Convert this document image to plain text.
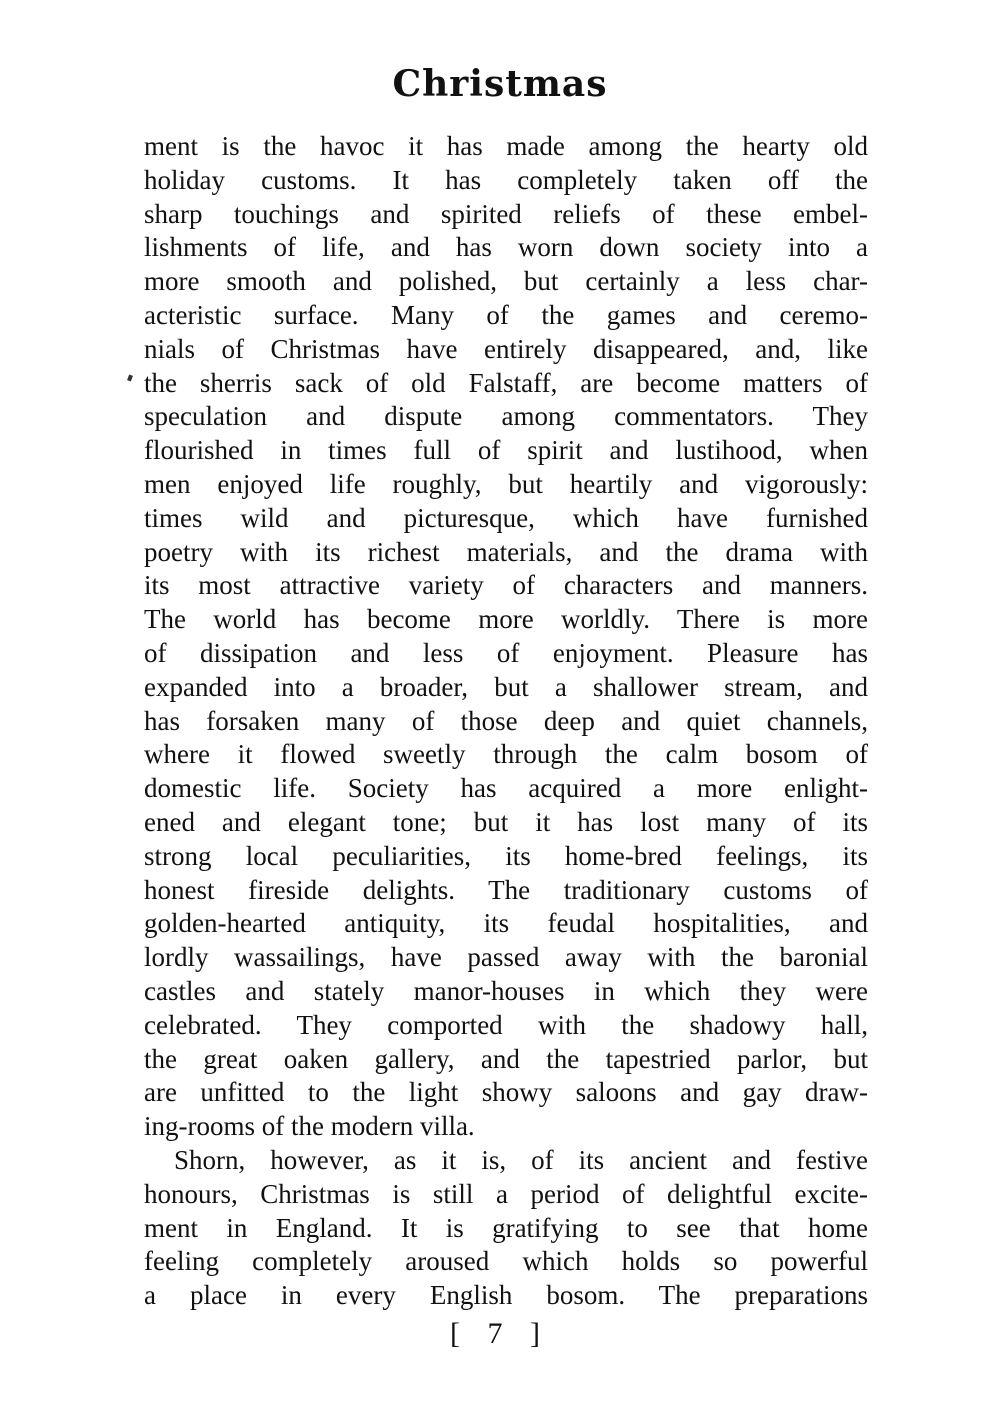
Christmas
ment is the havoc it has made among the hearty old
holiday customs. It has completely taken off the
sharp touchings and spirited reliefs of these embel-
lishments of life, and has worn down society into a
more smooth and polished, but certainly a less char-
acteristic surface. Many of the games and ceremo-
nials of Christmas have entirely disappeared, and, like
the sherris sack of old Falstaff, are become matters of
speculation and dispute among commentators. They
flourished in times full of spirit and lustihood, when
men enjoyed life roughly, but heartily and vigorously:
times wild and picturesque, which have furnished
poetry with its richest materials, and the drama with
its most attractive variety of characters and manners.
The world has become more worldly. There is more
of dissipation and less of enjoyment. Pleasure has
expanded into a broader, but a shallower stream, and
has forsaken many of those deep and quiet channels,
where it flowed sweetly through the calm bosom of
domestic life. Society has acquired a more enlight-
ened and elegant tone; but it has lost many of its
strong local peculiarities, its home-bred feelings, its
honest fireside delights. The traditionary customs of
golden-hearted antiquity, its feudal hospitalities, and
lordly wassailings, have passed away with the baronial
castles and stately manor-houses in which they were
celebrated. They comported with the shadowy hall,
the great oaken gallery, and the tapestried parlor, but
are unfitted to the light showy saloons and gay draw-
ing-rooms of the modern villa.
Shorn, however, as it is, of its ancient and festive
honours, Christmas is still a period of delightful excite-
ment in England. It is gratifying to see that home
feeling completely aroused which holds so powerful
a place in every English bosom. The preparations
[ 7 ]
